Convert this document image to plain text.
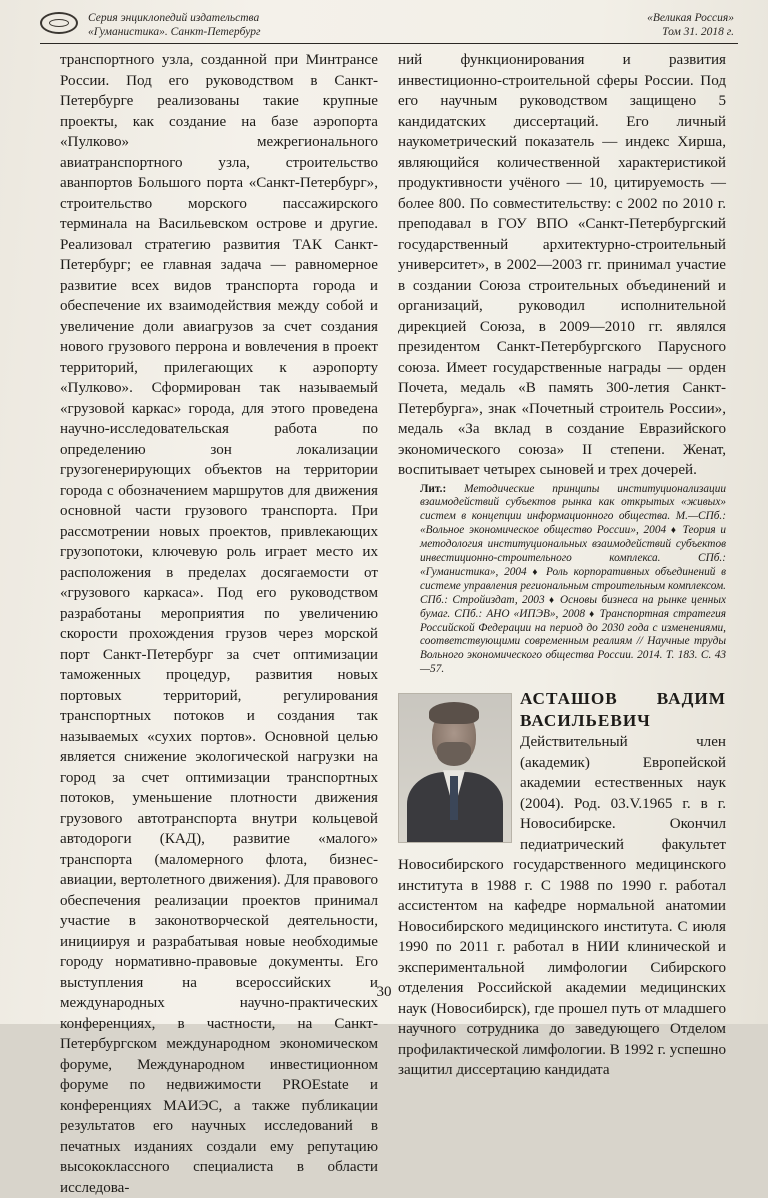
Серия энциклопедий издательства
«Гуманистика». Санкт-Петербург
«Великая Россия»
Том 31. 2018 г.

транспортного узла, созданной при Минтрансе России. Под его руководством в Санкт-Петербурге реализованы такие крупные проекты, как создание на базе аэропорта «Пулково» межрегионального авиатранспортного узла, строительство аванпортов Большого порта «Санкт-Петербург», строительство морского пассажирского терминала на Васильевском острове и другие. Реализовал стратегию развития ТАК Санкт-Петербург; ее главная задача — равномерное развитие всех видов транспорта города и обеспечение их взаимодействия между собой и увеличение доли авиагрузов за счет создания нового грузового перрона и вовлечения в проект территорий, прилегающих к аэропорту «Пулково». Сформирован так называемый «грузовой каркас» города, для этого проведена научно-исследовательская работа по определению зон локализации грузогенерирующих объектов на территории города с обозначением маршрутов для движения основной части грузового транспорта. При рассмотрении новых проектов, привлекающих грузопотоки, ключевую роль играет место их расположения в пределах досягаемости от «грузового каркаса». Под его руководством разработаны мероприятия по увеличению скорости прохождения грузов через морской порт Санкт-Петербург за счет оптимизации таможенных процедур, развития новых портовых территорий, регулирования транспортных потоков и создания так называемых «сухих портов». Основной целью является снижение экологической нагрузки на город за счет оптимизации транспортных потоков, уменьшение плотности движения грузового автотранспорта внутри кольцевой автодороги (КАД), развитие «малого» транспорта (маломерного флота, бизнес-авиации, вертолетного движения). Для правового обеспечения реализации проектов принимал участие в законотворческой деятельности, инициируя и разрабатывая новые необходимые городу нормативно-правовые документы. Его выступления на всероссийских и международных научно-практических конференциях, в частности, на Санкт-Петербургском международном экономическом форуме, Международном инвестиционном форуме по недвижимости PROEstate и конференциях МАИЭС, а также публикации результатов его научных исследований в печатных изданиях создали ему репутацию высококлассного специалиста в области исследова-

ний функционирования и развития инвестиционно-строительной сферы России. Под его научным руководством защищено 5 кандидатских диссертаций. Его личный наукометрический показатель — индекс Хирша, являющийся количественной характеристикой продуктивности учёного — 10, цитируемость — более 800. По совместительству: с 2002 по 2010 г. преподавал в ГОУ ВПО «Санкт-Петербургский государственный архитектурно-строительный университет», в 2002—2003 гг. принимал участие в создании Союза строительных объединений и организаций, руководил исполнительной дирекцией Союза, в 2009—2010 гг. являлся президентом Санкт-Петербургского Парусного союза. Имеет государственные награды — орден Почета, медаль «В память 300-летия Санкт-Петербурга», знак «Почетный строитель России», медаль «За вклад в создание Евразийского экономического союза» II степени. Женат, воспитывает четырех сыновей и трех дочерей.

Лит.: Методические принципы институционализации взаимодействий субъектов рынка как открытых «живых» систем в концепции информационного общества. М.—СПб.: «Вольное экономическое общество России», 2004 ♦ Теория и методология институциональных взаимодействий субъектов инвестиционно-строительного комплекса. СПб.: «Гуманистика», 2004 ♦ Роль корпоративных объединений в системе управления региональным строительным комплексом. СПб.: Стройиздат, 2003 ♦ Основы бизнеса на рынке ценных бумаг. СПб.: АНО «ИПЭВ», 2008 ♦ Транспортная стратегия Российской Федерации на период до 2030 года с изменениями, соответствующими современным реалиям // Научные труды Вольного экономического общества России. 2014. Т. 183. С. 43—57.

АСТАШОВ ВАДИМ ВАСИЛЬЕВИЧ Действительный член (академик) Европейской академии естественных наук (2004). Род. 03.V.1965 г. в г. Новосибирске. Окончил педиатрический факультет Новосибирского государственного медицинского института в 1988 г. С 1988 по 1990 г. работал ассистентом на кафедре нормальной анатомии Новосибирского медицинского института. С июля 1990 по 2011 г. работал в НИИ клинической и экспериментальной лимфологии Сибирского отделения Российской академии медицинских наук (Новосибирск), где прошел путь от младшего научного сотрудника до заведующего Отделом профилактической лимфологии. В 1992 г. успешно защитил диссертацию кандидата

30
